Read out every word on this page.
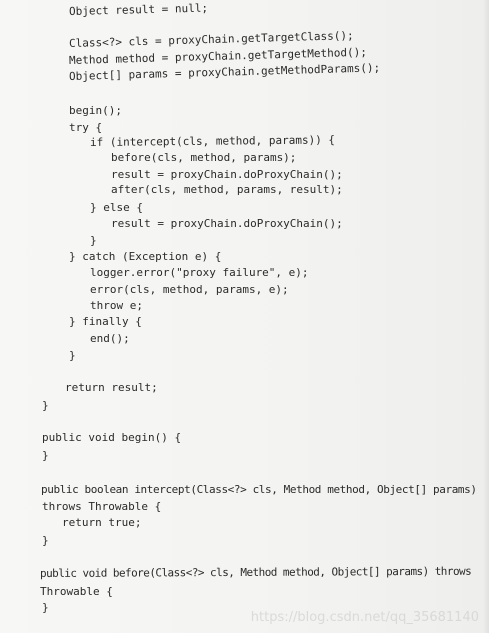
Object result = null;
Class<?> cls = proxyChain.getTargetClass();
Method method = proxyChain.getTargetMethod();
Object[] params = proxyChain.getMethodParams();
begin();
try {
if (intercept(cls, method, params)) {
before(cls, method, params);
result = proxyChain.doProxyChain();
after(cls, method, params, result);
} else {
result = proxyChain.doProxyChain();
}
} catch (Exception e) {
logger.error("proxy failure", e);
error(cls, method, params, e);
throw e;
} finally {
end();
}
return result;
}
public void begin() {
}
public boolean intercept(Class<?> cls, Method method, Object[] params)
throws Throwable {
return true;
}
public void before(Class<?> cls, Method method, Object[] params) throws
Throwable {
}
https://blog.csdn.net/qq_35681140
